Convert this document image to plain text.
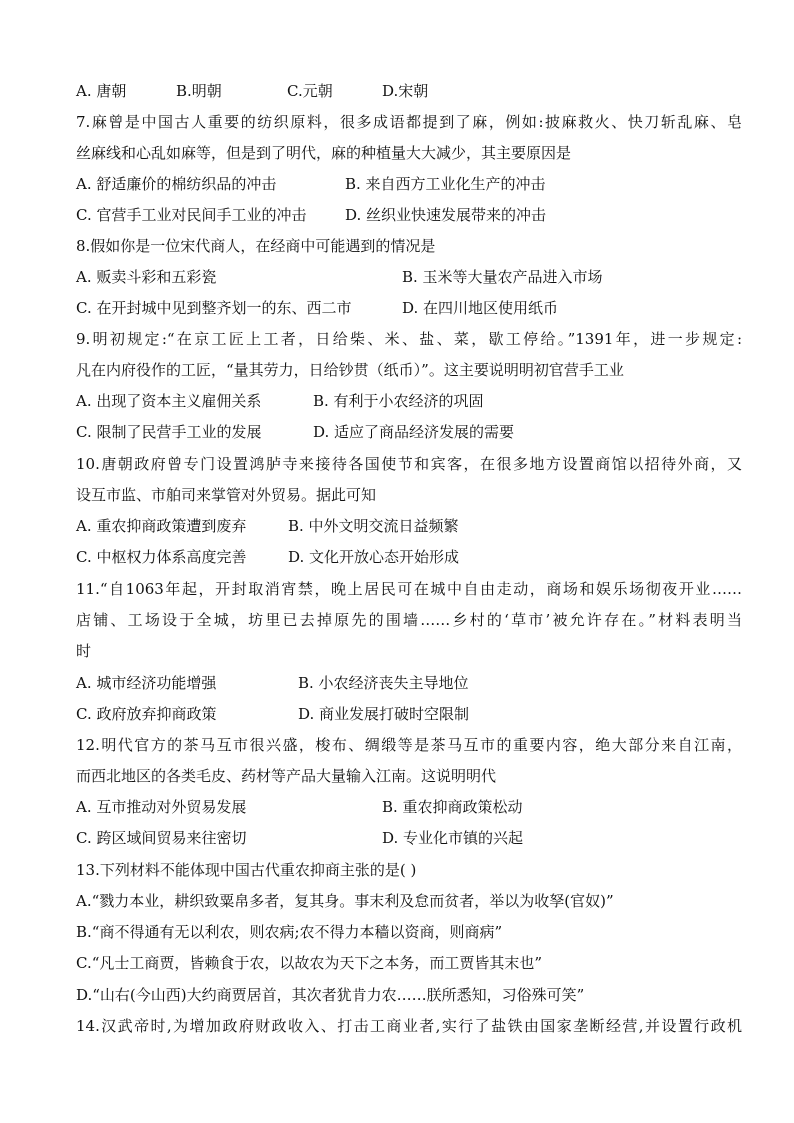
A. 唐朝	B.明朝	C.元朝	D.宋朝
7.麻曾是中国古人重要的纺织原料，很多成语都提到了麻，例如:披麻救火、快刀斩乱麻、皂
丝麻线和心乱如麻等，但是到了明代，麻的种植量大大减少，其主要原因是
A. 舒适廉价的棉纺织品的冲击	B. 来自西方工业化生产的冲击
C. 官营手工业对民间手工业的冲击	D. 丝织业快速发展带来的冲击
8.假如你是一位宋代商人，在经商中可能遇到的情况是
A. 贩卖斗彩和五彩瓷	B. 玉米等大量农产品进入市场
C. 在开封城中见到整齐划一的东、西二市	D. 在四川地区使用纸币
9.明初规定:“在京工匠上工者，日给柴、米、盐、菜，歇工停给。”1391年，进一步规定:
凡在内府役作的工匠，“量其劳力，日给钞贯（纸币）”。这主要说明明初官营手工业
A. 出现了资本主义雇佣关系	B. 有利于小农经济的巩固
C. 限制了民营手工业的发展	D. 适应了商品经济发展的需要
10.唐朝政府曾专门设置鸿胪寺来接待各国使节和宾客，在很多地方设置商馆以招待外商，又
设互市监、市舶司来掌管对外贸易。据此可知
A. 重农抑商政策遭到废弃	B. 中外文明交流日益频繁
C. 中枢权力体系高度完善	D. 文化开放心态开始形成
11.“自1063年起，开封取消宵禁，晚上居民可在城中自由走动，商场和娱乐场彻夜开业……
店铺、工场设于全城，坊里已去掉原先的围墙……乡村的‘草市’被允许存在。”材料表明当
时
A. 城市经济功能增强	B. 小农经济丧失主导地位
C. 政府放弃抑商政策	D. 商业发展打破时空限制
12.明代官方的茶马互市很兴盛，梭布、绸缎等是茶马互市的重要内容，绝大部分来自江南，
而西北地区的各类毛皮、药材等产品大量输入江南。这说明明代
A. 互市推动对外贸易发展	B. 重农抑商政策松动
C. 跨区域间贸易来往密切	D. 专业化市镇的兴起
13.下列材料不能体现中国古代重农抑商主张的是( )
A.“戮力本业，耕织致粟帛多者，复其身。事末利及怠而贫者，举以为收孥(官奴)”
B.“商不得通有无以利农，则农病;农不得力本穑以资商，则商病”
C.“凡士工商贾，皆赖食于农，以故农为天下之本务，而工贾皆其末也”
D.“山右(今山西)大约商贾居首，其次者犹肯力农……朕所悉知，习俗殊可笑”
14.汉武帝时,为增加政府财政收入、打击工商业者,实行了盐铁由国家垄断经营,并设置行政机
